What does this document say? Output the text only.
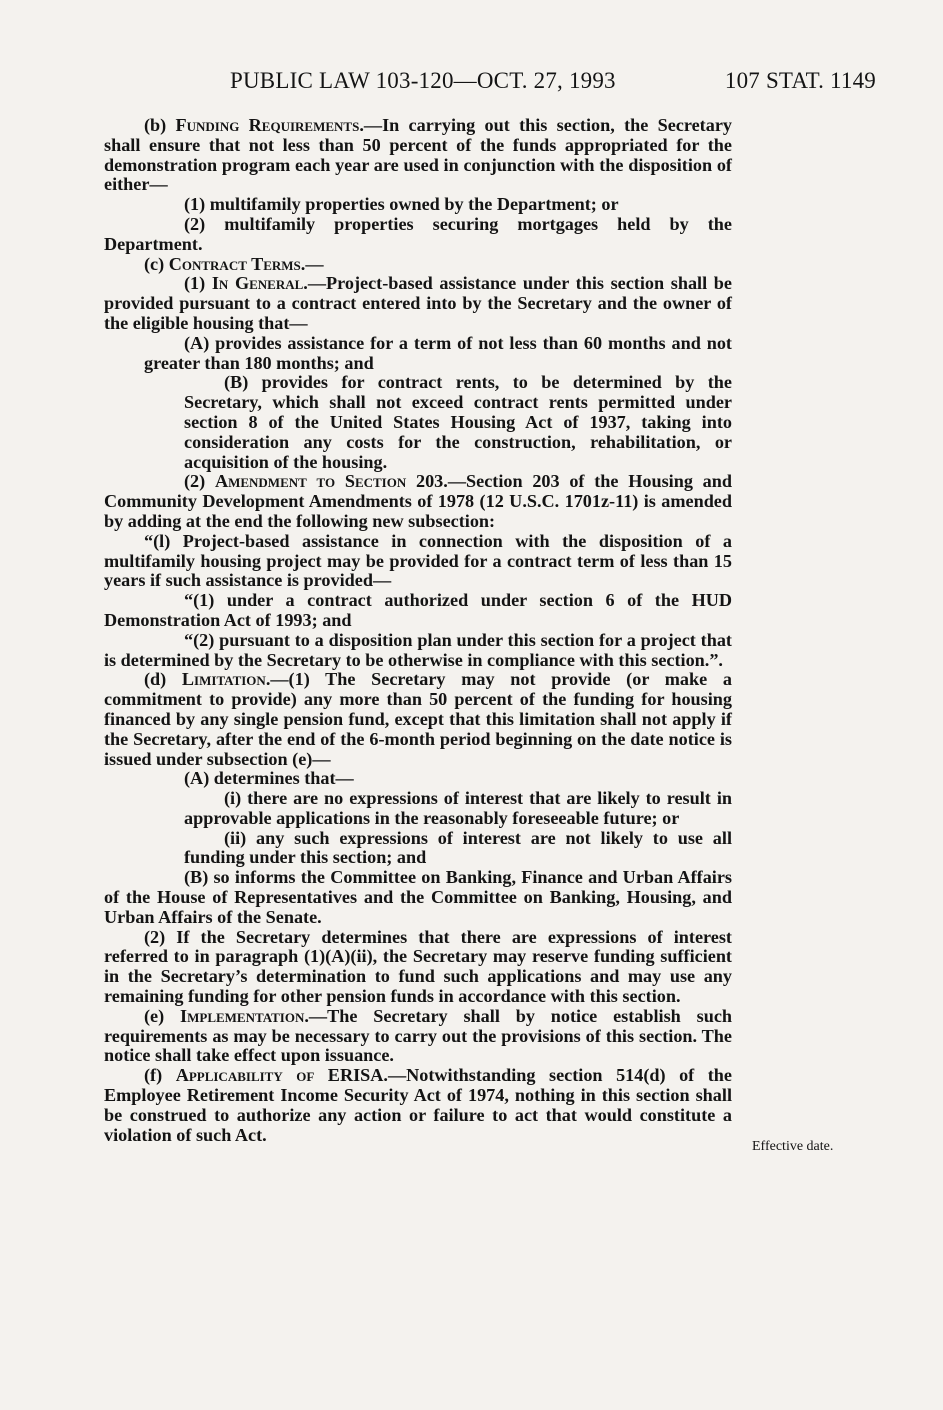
PUBLIC LAW 103-120—OCT. 27, 1993	107 STAT. 1149

(b) Funding Requirements.—In carrying out this section, the Secretary shall ensure that not less than 50 percent of the funds appropriated for the demonstration program each year are used in conjunction with the disposition of either—

(1) multifamily properties owned by the Department; or

(2) multifamily properties securing mortgages held by the Department.

(c) Contract Terms.—

(1) In General.—Project-based assistance under this section shall be provided pursuant to a contract entered into by the Secretary and the owner of the eligible housing that—

(A) provides assistance for a term of not less than 60 months and not greater than 180 months; and

(B) provides for contract rents, to be determined by the Secretary, which shall not exceed contract rents permitted under section 8 of the United States Housing Act of 1937, taking into consideration any costs for the construction, rehabilitation, or acquisition of the housing.

(2) Amendment to Section 203.—Section 203 of the Housing and Community Development Amendments of 1978 (12 U.S.C. 1701z-11) is amended by adding at the end the following new subsection:

“(l) Project-based assistance in connection with the disposition of a multifamily housing project may be provided for a contract term of less than 15 years if such assistance is provided—

“(1) under a contract authorized under section 6 of the HUD Demonstration Act of 1993; and

“(2) pursuant to a disposition plan under this section for a project that is determined by the Secretary to be otherwise in compliance with this section.”.

(d) Limitation.—(1) The Secretary may not provide (or make a commitment to provide) any more than 50 percent of the funding for housing financed by any single pension fund, except that this limitation shall not apply if the Secretary, after the end of the 6-month period beginning on the date notice is issued under subsection (e)—

(A) determines that—

(i) there are no expressions of interest that are likely to result in approvable applications in the reasonably foreseeable future; or

(ii) any such expressions of interest are not likely to use all funding under this section; and

(B) so informs the Committee on Banking, Finance and Urban Affairs of the House of Representatives and the Committee on Banking, Housing, and Urban Affairs of the Senate.

(2) If the Secretary determines that there are expressions of interest referred to in paragraph (1)(A)(ii), the Secretary may reserve funding sufficient in the Secretary’s determination to fund such applications and may use any remaining funding for other pension funds in accordance with this section.

(e) Implementation.—The Secretary shall by notice establish such requirements as may be necessary to carry out the provisions of this section. The notice shall take effect upon issuance.

(f) Applicability of ERISA.—Notwithstanding section 514(d) of the Employee Retirement Income Security Act of 1974, nothing in this section shall be construed to authorize any action or failure to act that would constitute a violation of such Act.

Effective date.
